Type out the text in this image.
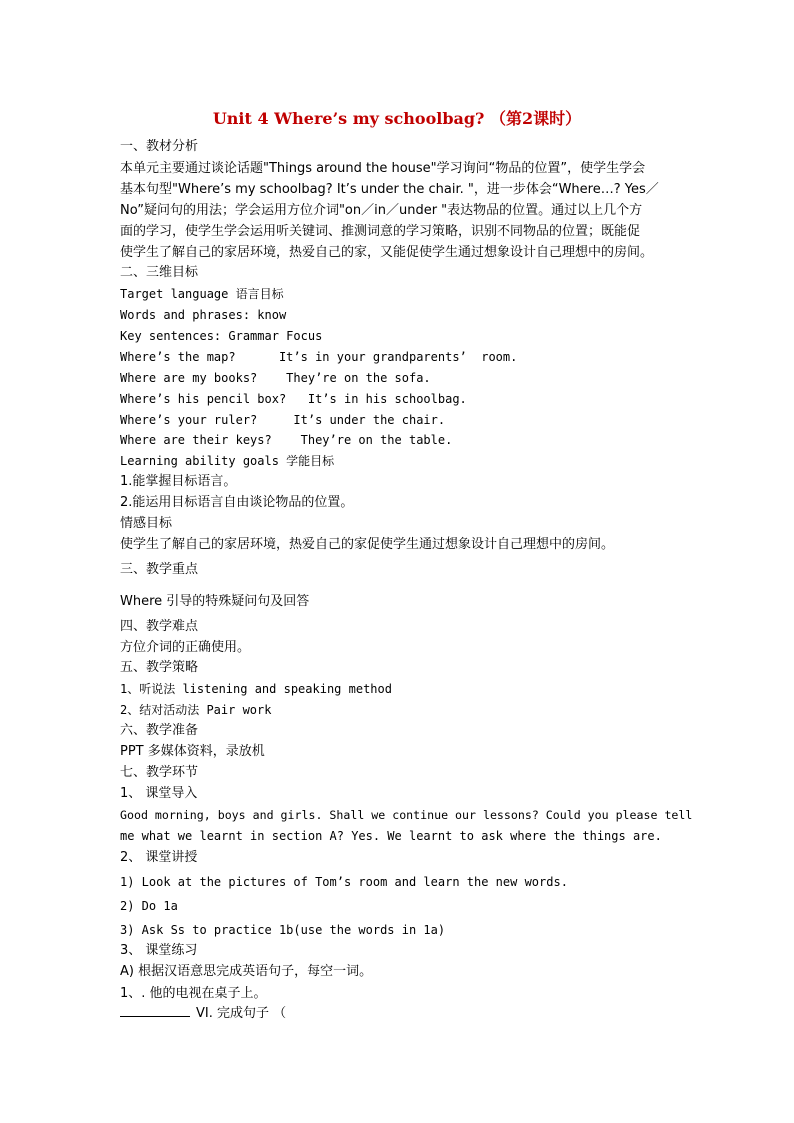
Unit 4 Where’s my schoolbag? （第2课时）
一、教材分析
本单元主要通过谈论话题"Things around the house"学习询问“物品的位置”，使学生学会
基本句型"Where’s my schoolbag? It’s under the chair. "，进一步体会“Where…? Yes／
No”疑问句的用法；学会运用方位介词"on／in／under "表达物品的位置。通过以上几个方
面的学习，使学生学会运用听关键词、推测词意的学习策略，识别不同物品的位置；既能促
使学生了解自己的家居环境，热爱自己的家，又能促使学生通过想象设计自己理想中的房间。
二、三维目标
Target language 语言目标
Words and phrases: know
Key sentences: Grammar Focus
Where’s the map?      It’s in your grandparents’  room.
Where are my books?    They’re on the sofa.
Where’s his pencil box?   It’s in his schoolbag.
Where’s your ruler?     It’s under the chair.
Where are their keys?    They’re on the table.
Learning ability goals 学能目标
1.能掌握目标语言。
2.能运用目标语言自由谈论物品的位置。
情感目标
使学生了解自己的家居环境，热爱自己的家促使学生通过想象设计自己理想中的房间。
三、教学重点
Where 引导的特殊疑问句及回答
四、教学难点
方位介词的正确使用。
五、教学策略
1、听说法 listening and speaking method
2、结对活动法 Pair work
六、教学准备
PPT 多媒体资料，录放机
七、教学环节
1、 课堂导入
Good morning, boys and girls. Shall we continue our lessons? Could you please tell
me what we learnt in section A? Yes. We learnt to ask where the things are.
2、 课堂讲授
1) Look at the pictures of Tom’s room and learn the new words.
2) Do 1a
3) Ask Ss to practice 1b(use the words in 1a)
3、 课堂练习
A) 根据汉语意思完成英语句子，每空一词。
1、. 他的电视在桌子上。
VI. 完成句子 （
